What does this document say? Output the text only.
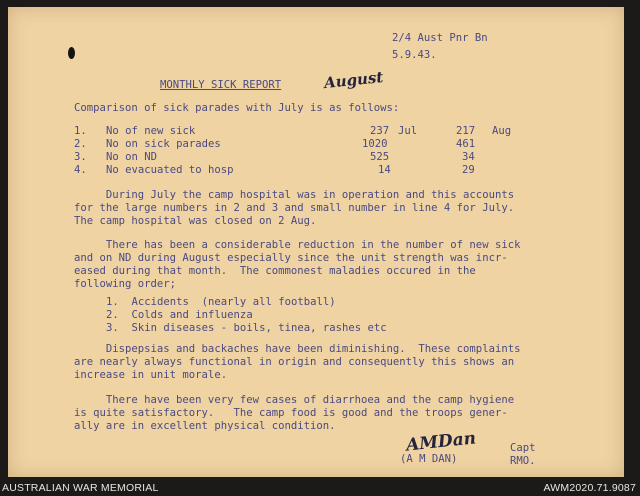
2/4 Aust Pnr Bn
5.9.43.
MONTHLY SICK REPORT	August
Comparison of sick parades with July is as follows:
1. No of new sick	237 Jul	217 Aug
2. No on sick parades	1020	461
3. No on ND	525	34
4. No evacuated to hosp	14	29
During July the camp hospital was in operation and this accounts
for the large numbers in 2 and 3 and small number in line 4 for July.
The camp hospital was closed on 2 Aug.
There has been a considerable reduction in the number of new sick
and on ND during August especially since the unit strength was incr-
eased during that month.  The commonest maladies occured in the
following order;
1.  Accidents  (nearly all football)
2.  Colds and influenza
3.  Skin diseases - boils, tinea, rashes etc
Dispepsias and backaches have been diminishing.  These complaints
are nearly always functional in origin and consequently this shows an
increase in unit morale.
There have been very few cases of diarrhoea and the camp hygiene
is quite satisfactory.   The camp food is good and the troops gener-
ally are in excellent physical condition.
AMDan
(A M DAN)
Capt
RMO.
AUSTRALIAN WAR MEMORIAL	AWM2020.71.9087
